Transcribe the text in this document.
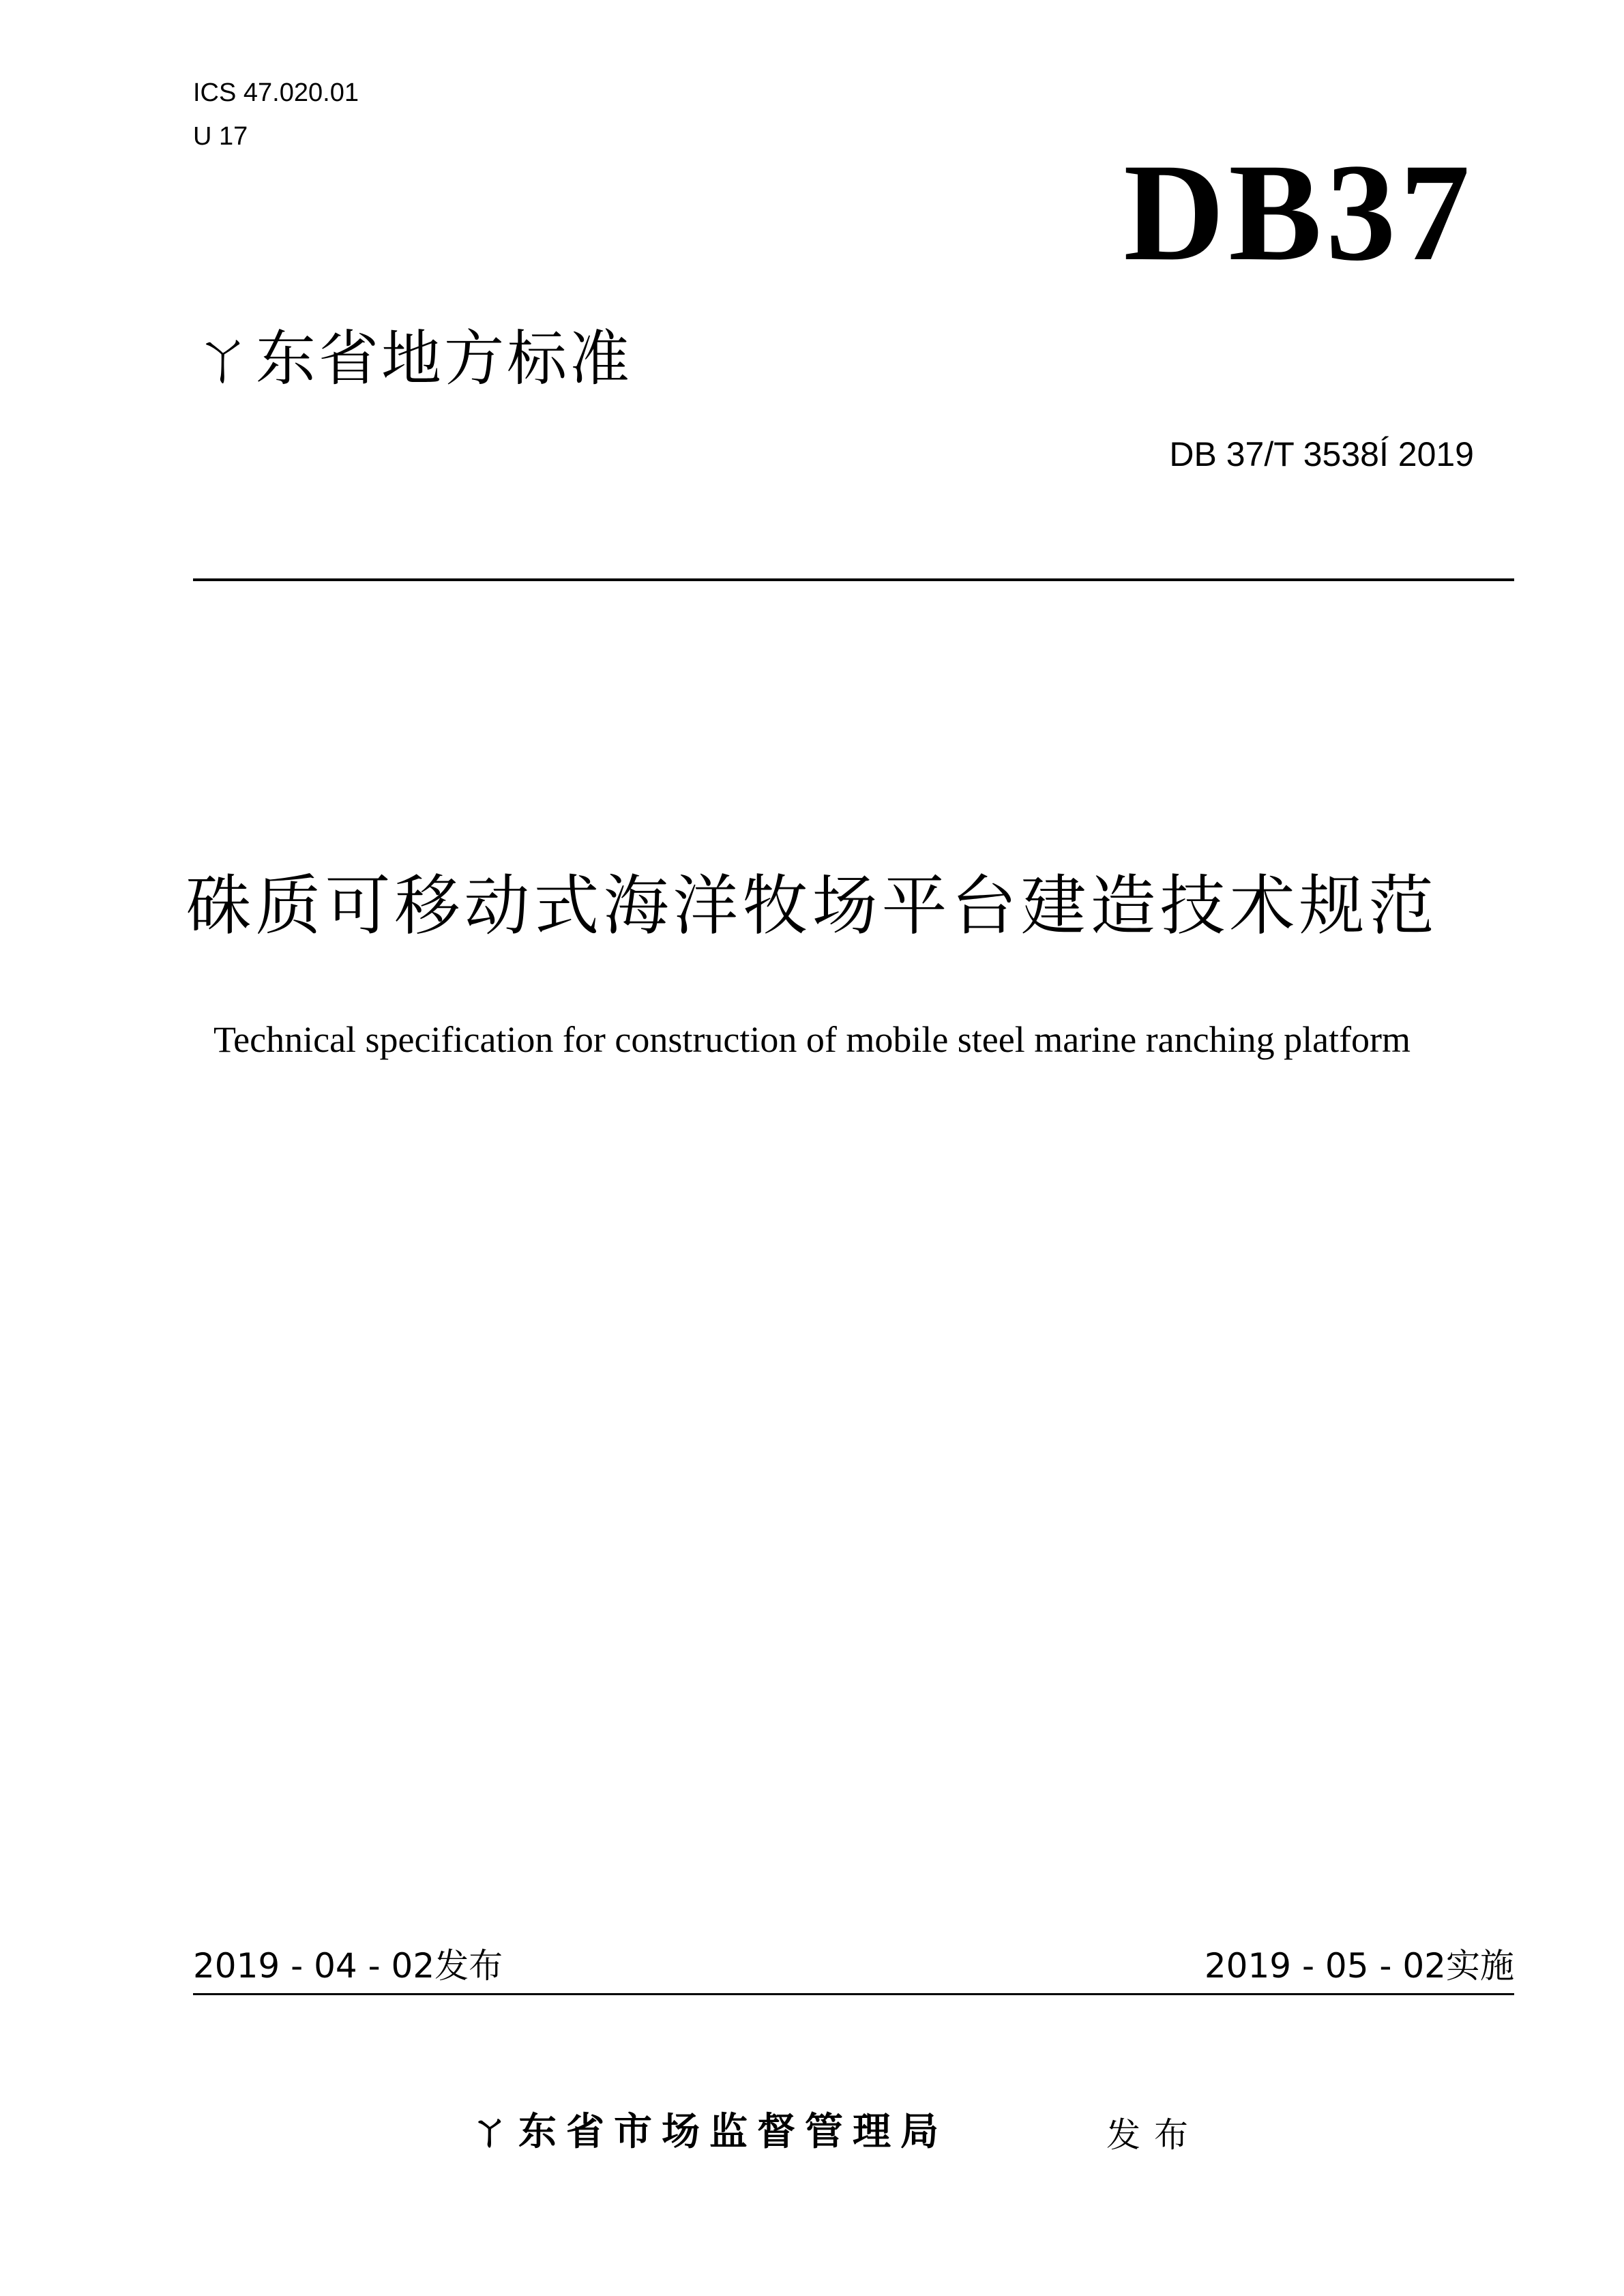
ICS 47.020.01
U 17	DB37
ㄚ东省地方标准
DB 37/T 3538Í 2019
硃质可移动式海洋牧场平台建造技术规范
Technical specification for construction of mobile steel marine ranching platform
2019 - 04 - 02发布	2019 - 05 - 02实施
ㄚ东省市场监督管理局	发布
